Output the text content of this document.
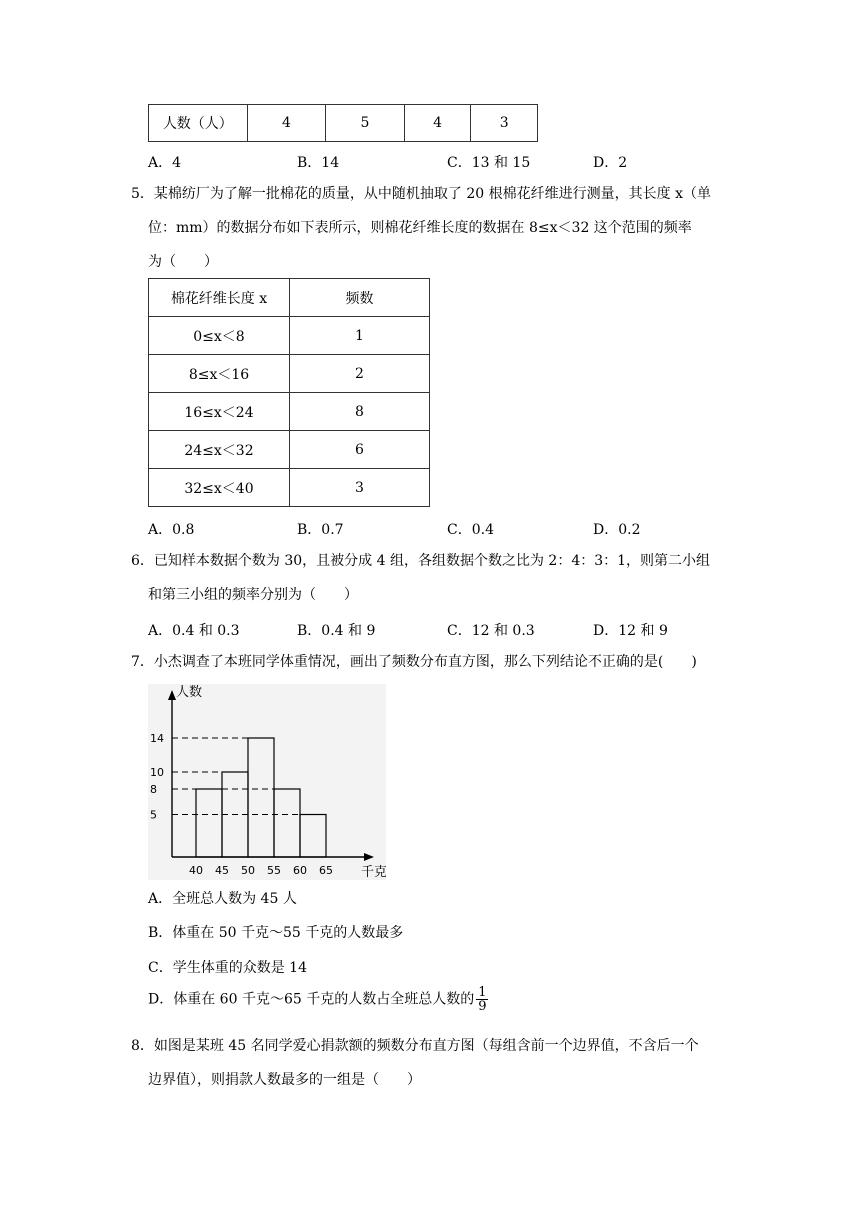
人数（人）	4	5	4	3
A．4	B．14	C．13 和 15	D．2
5．某棉纺厂为了解一批棉花的质量，从中随机抽取了 20 根棉花纤维进行测量，其长度 x（单
位：mm）的数据分布如下表所示，则棉花纤维长度的数据在 8≤x＜32 这个范围的频率
为（　　）
棉花纤维长度 x	频数
0≤x＜8	1
8≤x＜16	2
16≤x＜24	8
24≤x＜32	6
32≤x＜40	3
A．0.8	B．0.7	C．0.4	D．0.2
6．已知样本数据个数为 30，且被分成 4 组，各组数据个数之比为 2：4：3：1，则第二小组
和第三小组的频率分别为（　　）
A．0.4 和 0.3	B．0.4 和 9	C．12 和 0.3	D．12 和 9
7．小杰调查了本班同学体重情况，画出了频数分布直方图，那么下列结论不正确的是(　　)
人数
千克
14
10
8
5
40 45 50 55 60 65
A．全班总人数为 45 人
B．体重在 50 千克～55 千克的人数最多
C．学生体重的众数是 14
D．体重在 60 千克～65 千克的人数占全班总人数的 $\frac{1}{9}$
8．如图是某班 45 名同学爱心捐款额的频数分布直方图（每组含前一个边界值，不含后一个
边界值），则捐款人数最多的一组是（　　）
